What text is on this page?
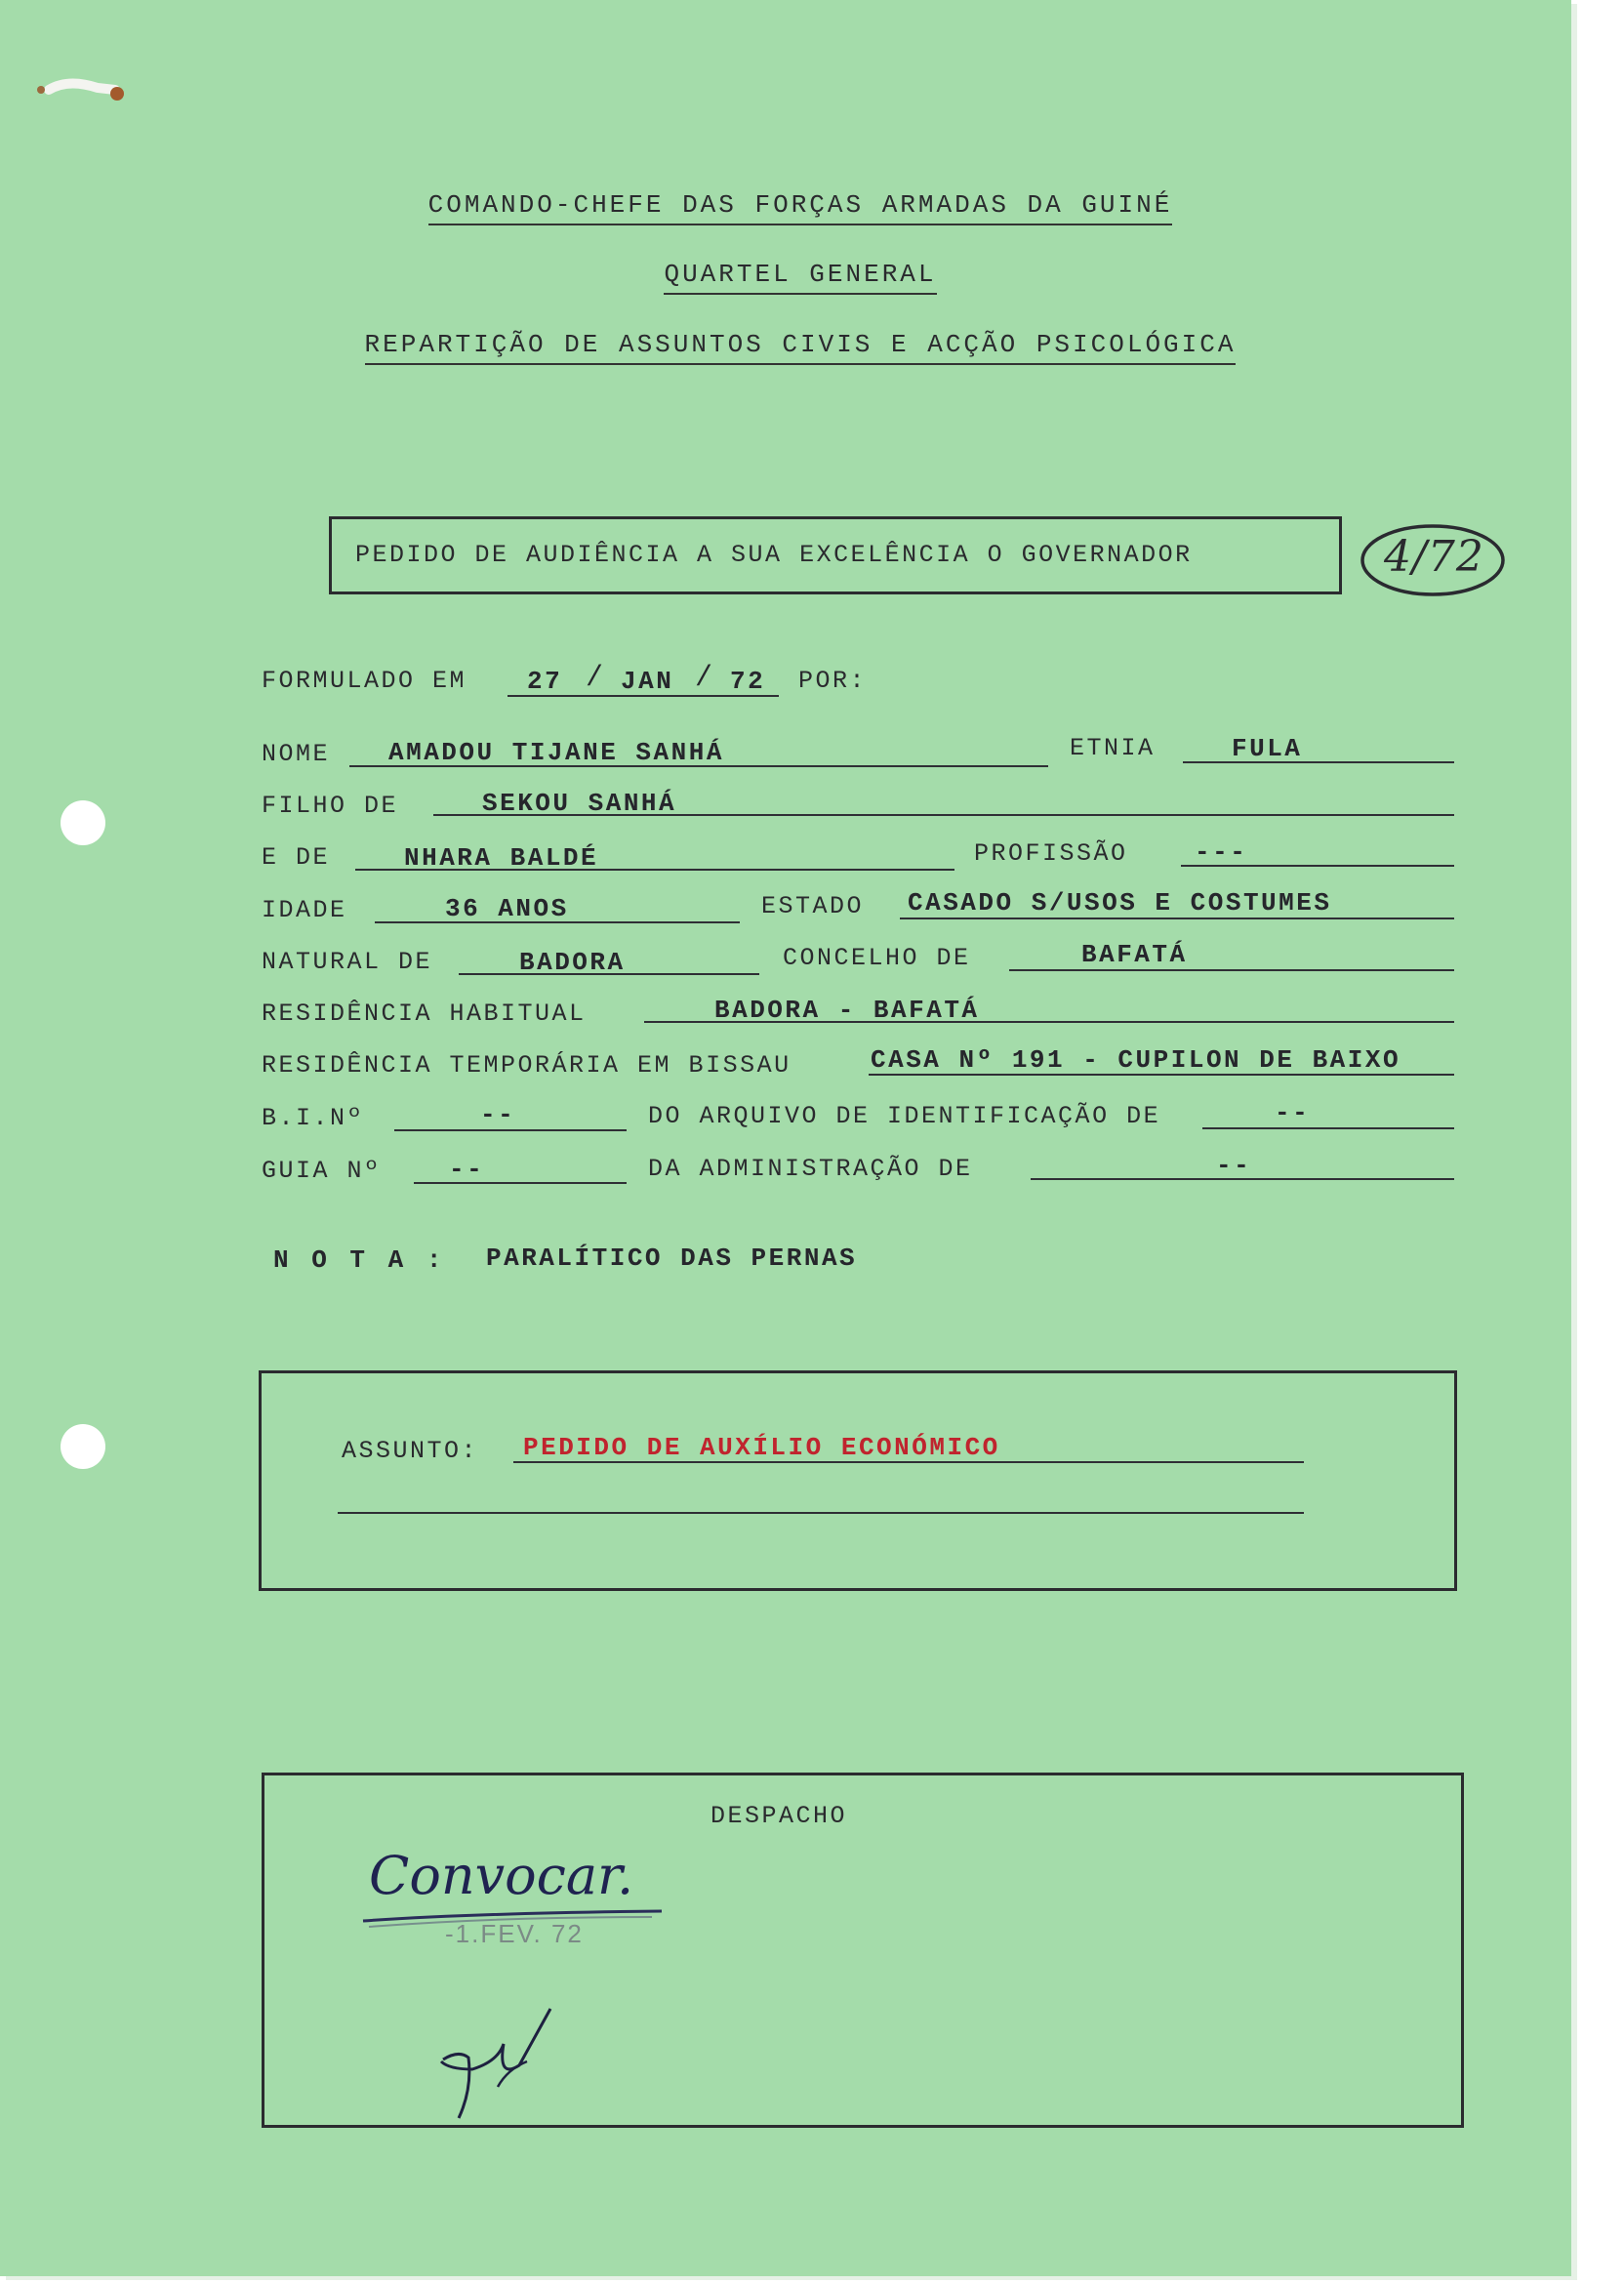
COMANDO-CHEFE DAS FORÇAS ARMADAS DA GUINÉ
QUARTEL GENERAL
REPARTIÇÃO DE ASSUNTOS CIVIS E ACÇÃO PSICOLÓGICA
PEDIDO DE AUDIÊNCIA A SUA EXCELÊNCIA O GOVERNADOR	4/72
FORMULADO EM 27 / JAN / 72 POR:
NOME AMADOU TIJANE SANHÁ	ETNIA	FULA
FILHO DE	SEKOU SANHÁ
E DE	NHARA BALDÉ	PROFISSÃO	---
IDADE	36 ANOS	ESTADO CASADO S/USOS E COSTUMES
NATURAL DE	BADORA	CONCELHO DE	BAFATÁ
RESIDÊNCIA HABITUAL	BADORA - BAFATÁ
RESIDÊNCIA TEMPORÁRIA EM BISSAU	CASA Nº 191 - CUPILON DE BAIXO
B.I.Nº	--	DO ARQUIVO DE IDENTIFICAÇÃO DE	--
GUIA Nº	--	DA ADMINISTRAÇÃO DE	--
N O T A : PARALÍTICO DAS PERNAS
ASSUNTO: PEDIDO DE AUXÍLIO ECONÓMICO
DESPACHO
Convocar.
-1.FEV. 72
